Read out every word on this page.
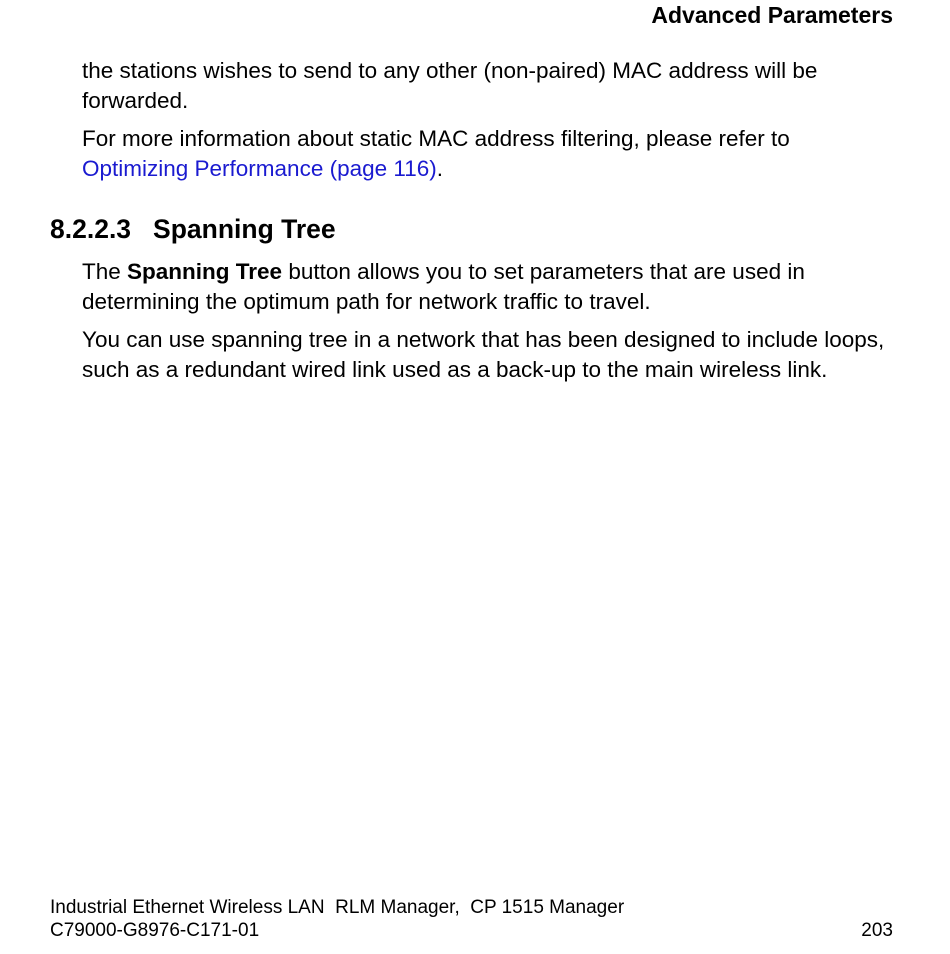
Advanced Parameters

the stations wishes to send to any other (non-paired) MAC address will be forwarded.

For more information about static MAC address filtering, please refer to Optimizing Performance (page 116).

8.2.2.3 Spanning Tree

The Spanning Tree button allows you to set parameters that are used in determining the optimum path for network traffic to travel.

You can use spanning tree in a network that has been designed to include loops, such as a redundant wired link used as a back-up to the main wireless link.

Industrial Ethernet Wireless LAN  RLM Manager,  CP 1515 Manager
C79000-G8976-C171-01	203
